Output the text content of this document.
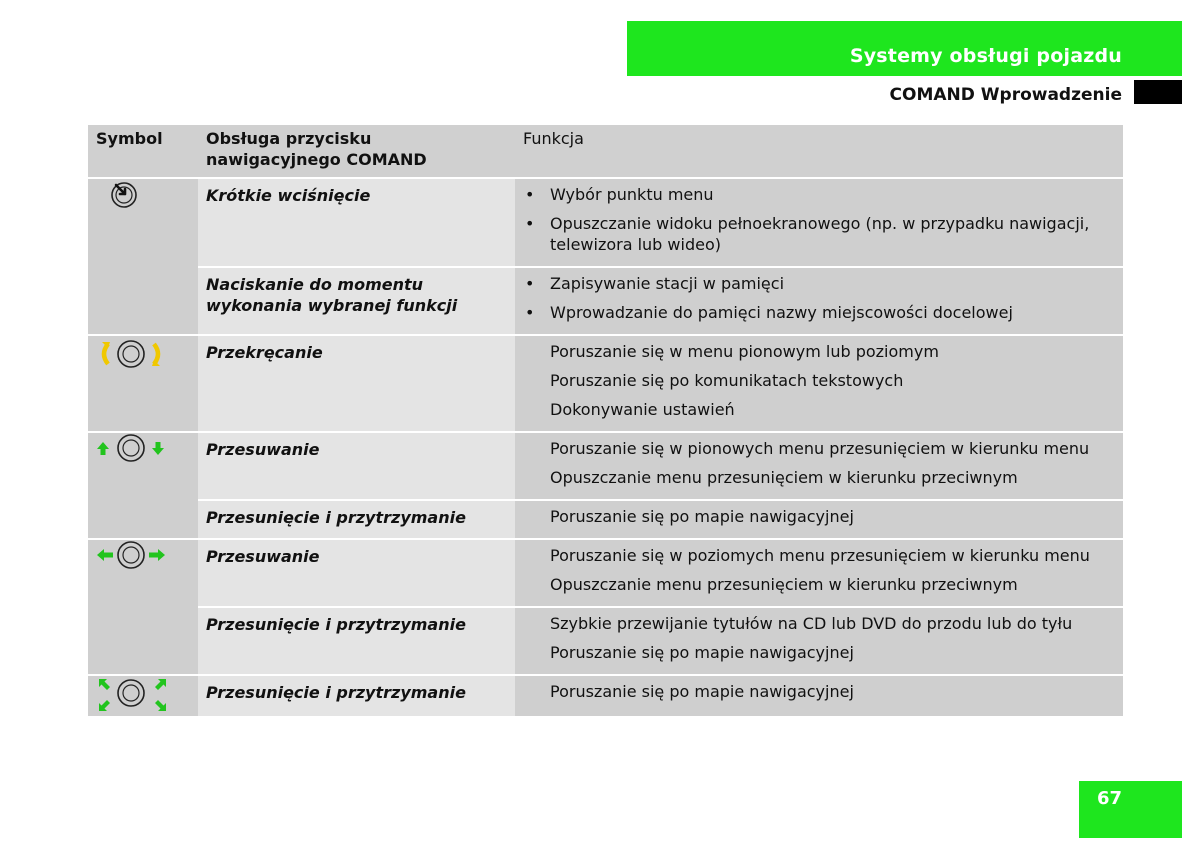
Systemy obsługi pojazdu
COMAND Wprowadzenie
Symbol	Obsługa przycisku nawigacyjnego COMAND	Funkcja

Krótkie wciśnięcie	• Wybór punktu menu
• Opuszczanie widoku pełnoekranowego (np. w przypadku nawigacji, telewizora lub wideo)

	Naciskanie do momentu wykonania wybranej funkcji	• Zapisywanie stacji w pamięci
• Wprowadzanie do pamięci nazwy miejscowości docelowej

Przekręcanie	Poruszanie się w menu pionowym lub poziomym
Poruszanie się po komunikatach tekstowych
Dokonywanie ustawień

Przesuwanie	Poruszanie się w pionowych menu przesunięciem w kierunku menu
Opuszczanie menu przesunięciem w kierunku przeciwnym

	Przesunięcie i przytrzymanie	Poruszanie się po mapie nawigacyjnej

Przesuwanie	Poruszanie się w poziomych menu przesunięciem w kierunku menu
Opuszczanie menu przesunięciem w kierunku przeciwnym

	Przesunięcie i przytrzymanie	Szybkie przewijanie tytułów na CD lub DVD do przodu lub do tyłu
Poruszanie się po mapie nawigacyjnej

Przesunięcie i przytrzymanie	Poruszanie się po mapie nawigacyjnej
67
